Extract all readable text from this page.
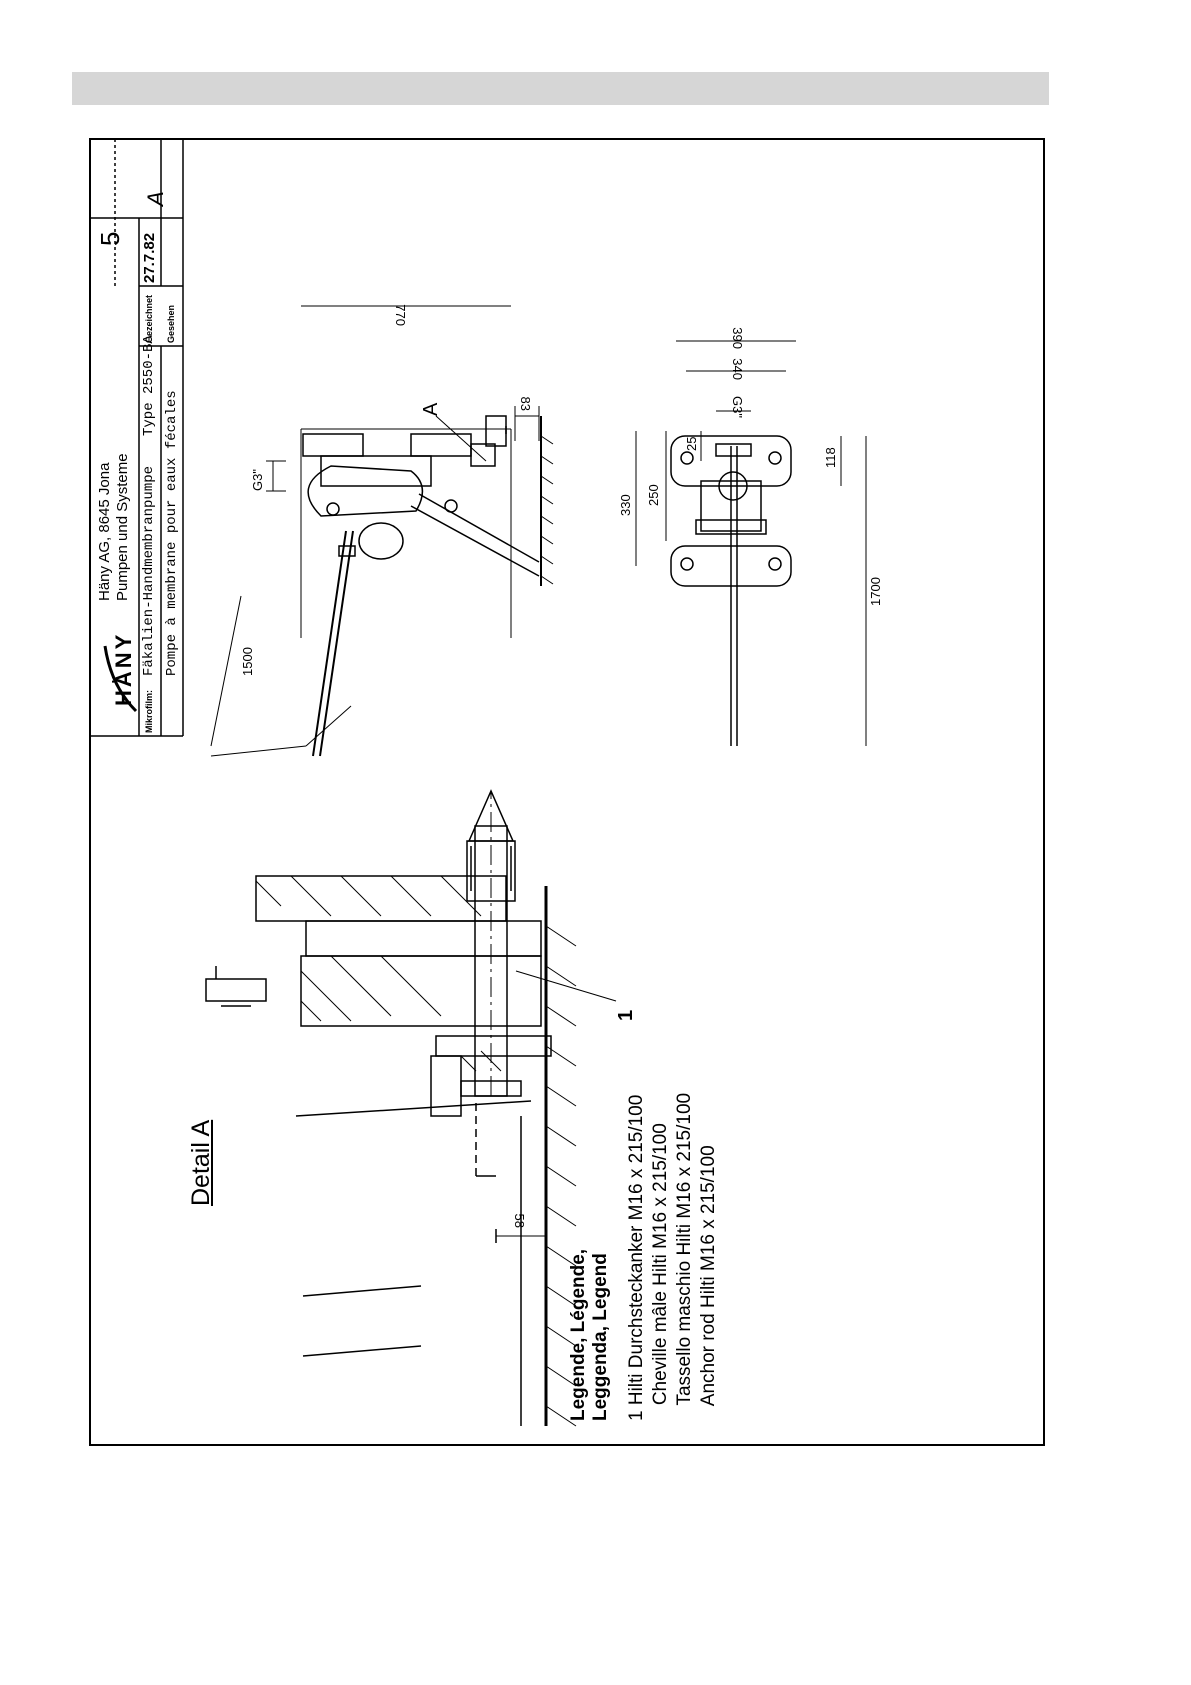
HÄNY
Häny AG, 8645 Jona Pumpen und Systeme
5
Mikrofilm:
Fäkalien-Handmembranpumpe
Type 2550-BA
Pompe à membrane pour eaux fécales
Gezeichnet
27.7.82
Gesehen
A
770
1500
G3"
83
A
390
340
G3"
330 250
25
118
1700
Detail A
58
1
Legende, Légende, Leggenda, Legend 1 Hilti Durchsteckanker M16 x 215/100 Cheville mâle Hilti M16 x 215/100 Tassello maschio Hilti M16 x 215/100 Anchor rod Hilti M16 x 215/100
